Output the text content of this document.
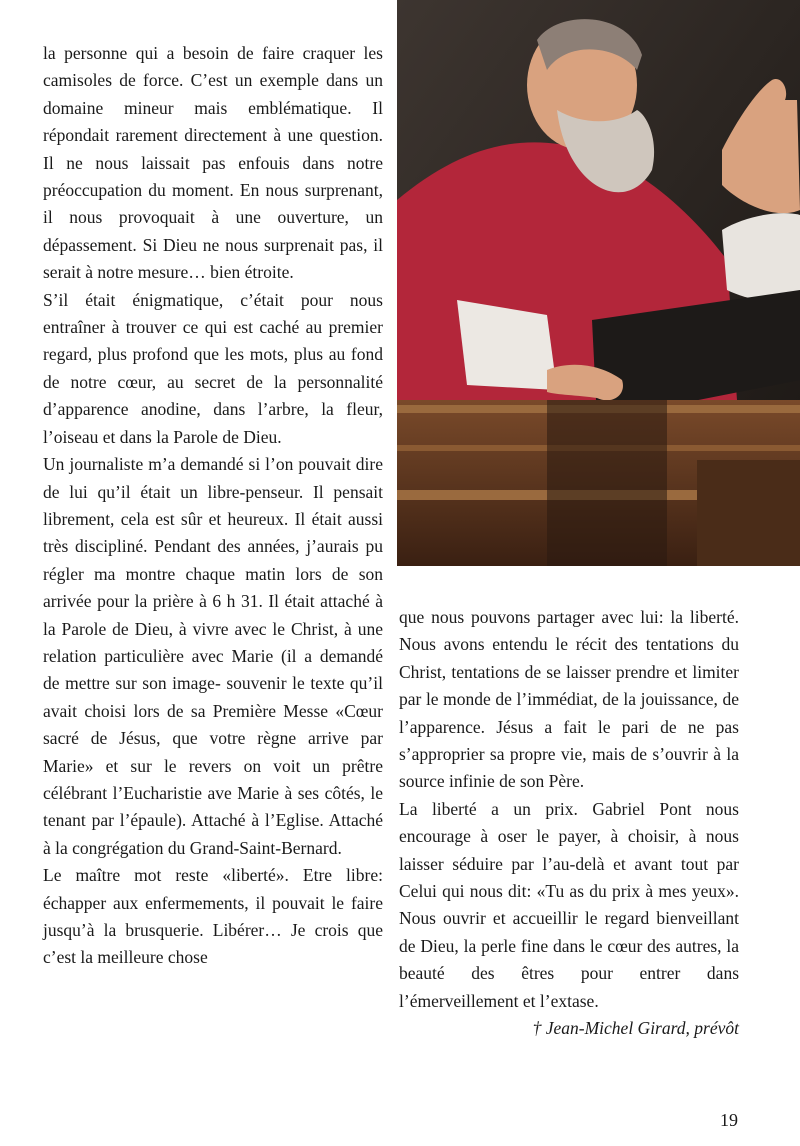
la personne qui a besoin de faire craquer les camisoles de force. C’est un exemple dans un domaine mineur mais emblématique. Il répondait rarement directement à une question. Il ne nous laissait pas enfouis dans notre préoccupation du moment. En nous surprenant, il nous provoquait à une ouverture, un dépassement. Si Dieu ne nous surprenait pas, il serait à notre mesure… bien étroite.

S’il était énigmatique, c’était pour nous entraîner à trouver ce qui est caché au premier regard, plus profond que les mots, plus au fond de notre cœur, au secret de la personnalité d’apparence anodine, dans l’arbre, la fleur, l’oiseau et dans la Parole de Dieu.

Un journaliste m’a demandé si l’on pouvait dire de lui qu’il était un libre-penseur. Il pensait librement, cela est sûr et heureux. Il était aussi très discipliné. Pendant des années, j’aurais pu régler ma montre chaque matin lors de son arrivée pour la prière à 6 h 31. Il était attaché à la Parole de Dieu, à vivre avec le Christ, à une relation particulière avec Marie (il a demandé de mettre sur son image- souvenir le texte qu’il avait choisi lors de sa Première Messe «Cœur sacré de Jésus, que votre règne arrive par Marie» et sur le revers on voit un prêtre célébrant l’Eucharistie ave Marie à ses côtés, le tenant par l’épaule). Attaché à l’Eglise. Attaché à la congrégation du Grand-Saint-Bernard.

Le maître mot reste «liberté». Etre libre: échapper aux enfermements, il pouvait le faire jusqu’à la brusquerie. Libérer… Je crois que c’est la meilleure chose

que nous pouvons partager avec lui: la liberté. Nous avons entendu le récit des tentations du Christ, tentations de se laisser prendre et limiter par le monde de l’immédiat, de la jouissance, de l’apparence. Jésus a fait le pari de ne pas s’approprier sa propre vie, mais de s’ouvrir à la source infinie de son Père.

La liberté a un prix. Gabriel Pont nous encourage à oser le payer, à choisir, à nous laisser séduire par l’au-delà et avant tout par Celui qui nous dit: «Tu as du prix à mes yeux». Nous ouvrir et accueillir le regard bienveillant de Dieu, la perle fine dans le cœur des autres, la beauté des êtres pour entrer dans l’émerveillement et l’extase.

† Jean-Michel Girard, prévôt

19
